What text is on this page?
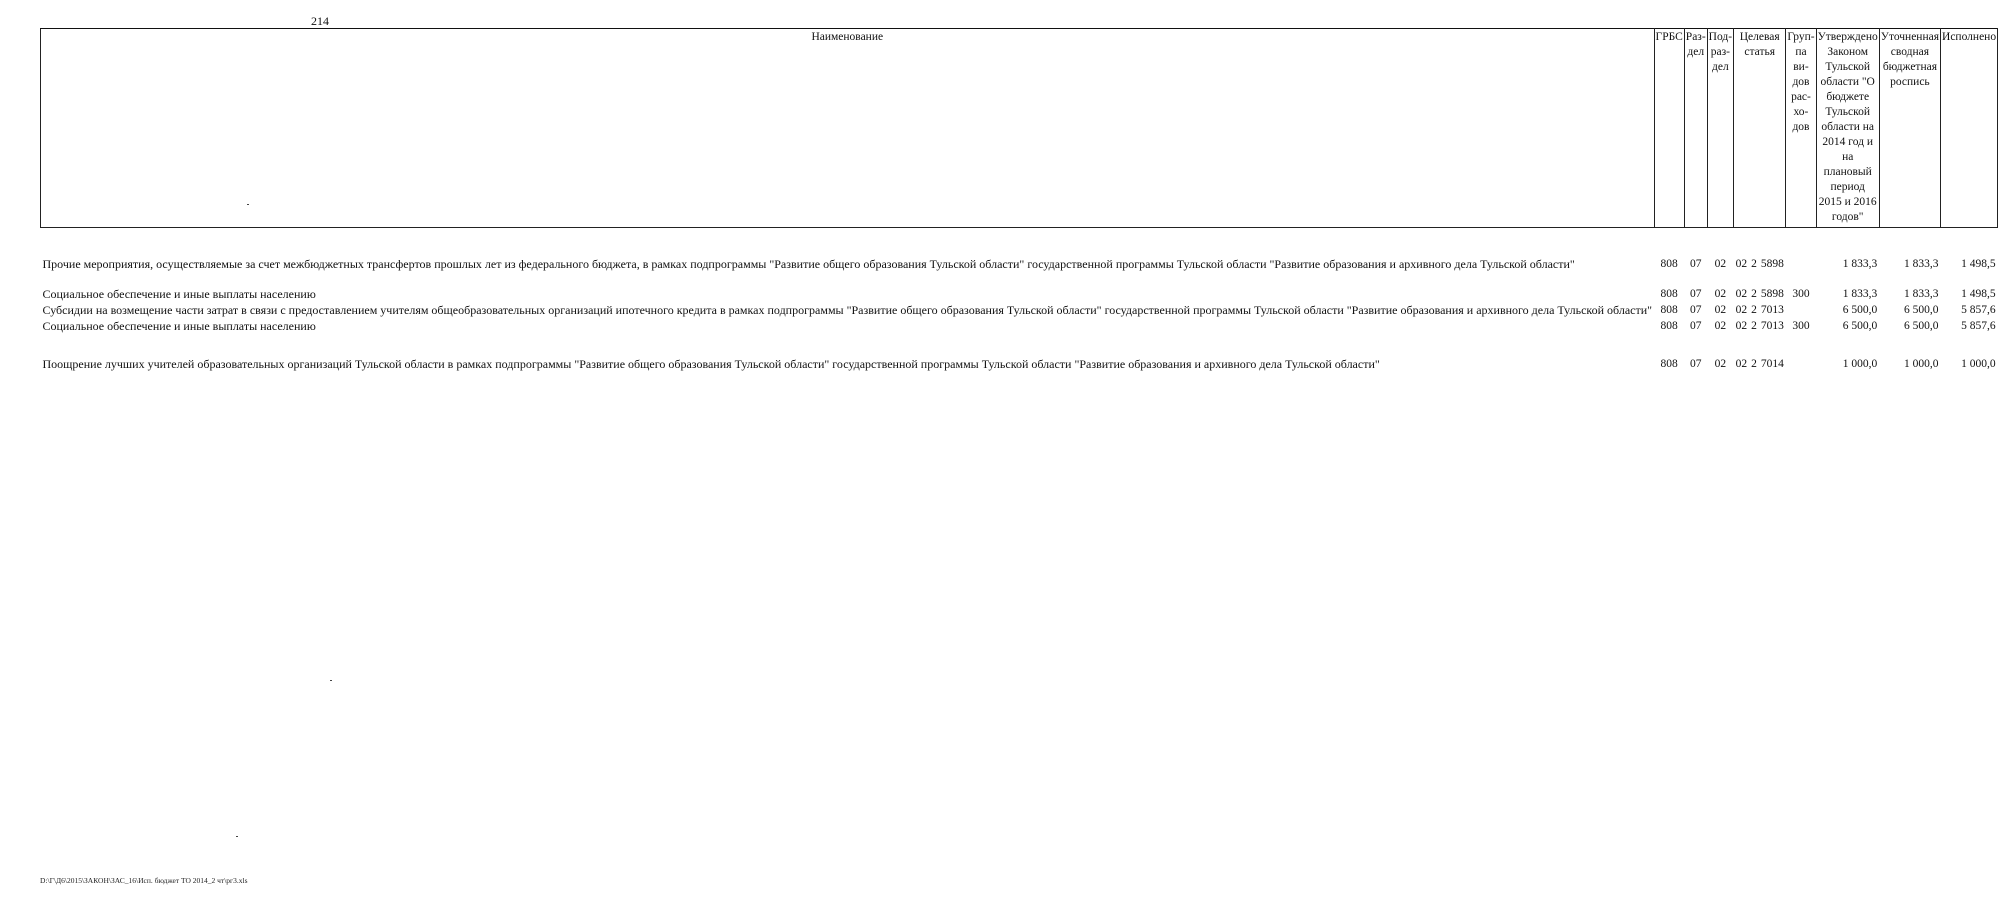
214
Наименование	ГРБС	Раз- дел	Под- раз- дел	Целевая статья			Груп- па ви- дов рас- хо- дов	Утверждено Законом Тульской области "О бюджете Тульской области на 2014 год и на плановый период 2015 и 2016 годов"	Уточненная сводная бюджетная роспись	Исполнено

Прочие мероприятия, осуществляемые за счет межбюджетных трансфертов прошлых лет из федерального бюджета, в рамках подпрограммы "Развитие общего образования Тульской области" государственной программы Тульской области "Развитие образования и архивного дела Тульской области"	808	07	02	02	2	5898		1 833,3	1 833,3	1 498,5

Социальное обеспечение и иные выплаты населению	808	07	02	02	2	5898	300	1 833,3	1 833,3	1 498,5
Субсидии на возмещение части затрат в связи с предоставлением учителям общеобразовательных организаций ипотечного кредита в рамках подпрограммы "Развитие общего образования Тульской области" государственной программы Тульской области "Развитие образования и архивного дела Тульской области"	808	07	02	02	2	7013		6 500,0	6 500,0	5 857,6
Социальное обеспечение и иные выплаты населению	808	07	02	02	2	7013	300	6 500,0	6 500,0	5 857,6

Поощрение лучших учителей образовательных организаций Тульской области в рамках подпрограммы "Развитие общего образования Тульской области" государственной программы Тульской области "Развитие образования и архивного дела Тульской области"	808	07	02	02	2	7014		1 000,0	1 000,0	1 000,0
D:\Г\Д6\2015\ЗАКОН\ЗАС_16\Исп. бюджет ТО 2014_2 чт\рг3.xls
